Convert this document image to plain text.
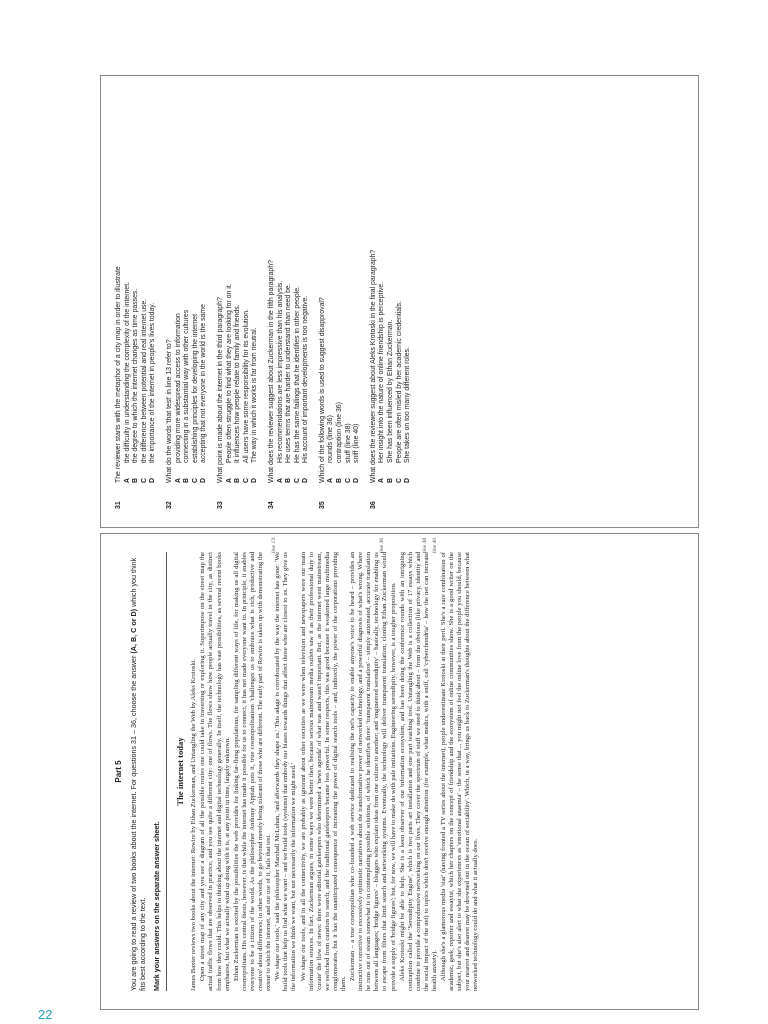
22
Part 5 You are going to read a review of two books about the internet. For questions 31 – 36, choose the answer (A, B, C or D) which you think fits best according to the text. Mark your answers on the separate answer sheet.
The internet today James Baxter reviews two books about the internet: Rewire by Ethan Zuckerman, and Untangling the Web by Aleks Krotoski. Open a street map of any city and you see a diagram of all the possible routes one could take in traversing or exploring it. Superimpose on the street map the actual traffic flows that are observed in practice, and you see quite a different city: one of flows. The flows show how people actually travel in the city, as distinct from how they could. This helps in thinking about the internet and digital technology generally. In itself, the technology has vast possibilities, as several recent books emphasise, but what we actually wind up doing with it is, at any point in time, largely unknown. Ethan Zuckerman is excited by the possibilities the web provides for linking far-flung populations, for sampling different ways of life, for making us all digital cosmopolitans. His central thesis, however, is that while the internet has made it possible for us to connect, it has not made everyone want to. In principle, it enables everyone to be a citizen of the world. As the philosopher Anthony Appiah puts it, true cosmopolitanism 'challenges us to embrace what is rich, productive and creative' about differences; in other words, to go beyond merely being tolerant of those who are different. The early part of Rewire is taken up with demonstrating the extent to which the internet, and our use of it, fails that test.
line 13

'We shape our tools,' said the philosopher Marshall McLuhan, 'and afterwards they shape us.' This adage is corroborated by the way the internet has gone: 'We build tools that help us find what we want – and we build tools (systems) that embody our biases towards things that affect those who are closest to us. They give us the information we think we want, but not necessarily the information we might need.' We shape our tools, and in all the connectivity, we are probably as ignorant about other societies as we were when television and newspapers were our main information sources. In fact, Zuckerman argues, in some ways we were better then, because serious mainstream media outlets saw it as their professional duty to 'curate' the flow of news: there were editorial gatekeepers who determined a 'news agenda' of what was and wasn't important. But, as the internet went mainstream, we switched from curation to search, and the traditional gatekeepers became less powerful. In some respects, this was good because it weakened large multimedia conglomerates, but it has the unanticipated consequence of increasing the power of digital search tools – and, indirectly, the power of the corporations providing them.

Zuckerman – a true cosmopolitan who co-founded a web service dedicated to realising the net's capacity to enable anyone's voice to be heard – provides an instructive corrective to excessively optimistic narratives about the transformative power of networked technology, and a powerful diagnosis of what's wrong. Where he runs out of steam somewhat is in contemplating possible solutions, of which he identifies three: 'transparent translation' – simply automated, accurate translation between all languages; 'bridge figures' – bloggers who explain ideas from one culture to another; and 'engineered serendipity' – basically, technology for enabling us to escape from filters that limit search and networking systems. Eventually, the technology will deliver transparent translation; cloning Ethan Zuckerman would provide a supply of 'bridge figures'; but, for now, we will have to make do with pale imitations. Engineering serendipity, however, is a tougher proposition.
line 36

Aleks Krotoski might be able to help. She is a keen observer of our information ecosystem, and has been doing the conference rounds with an intriguing contraption called the 'Serendipity Engine', which is two parts art installation and one part teaching tool. Untangling the Web is a collection of 17 essays which combine to provide a comprehensive networking on our lives. They cover the spectrum of stuff we need to think about – from the obvious (like privacy, identity and the social impact of the net) to topics which don't receive enough attention (for example, what medics, with a sniff, call 'cyberchondria' – how the net can increase health anxiety).
line 38 line 40

Although she's a glamorous media 'star' (having fronted a TV series about the internet), people underestimate Krotoski at their peril. She's a rare combination of academic, geek, reporter and essayist, which her chapters on the concept of friendship and the ecosystem of online communities show. She is a good writer on the subject, but she's also alert to what she experiences as 'emotional anaemia' – the sense that ... you might not feel the online love from the people you should, because your nearest and dearest may be drowned out in the ocean of sociability'. Which, in a way, brings us back to Zuckerman's thoughts about the difference between what networked technology could do and what it actually does.

31
The reviewer starts with the metaphor of a city map in order to illustrate A
the difficulty in understanding the complexity of the internet.
B
the degree to which the internet changes as time passes.
C
the difference between potential and real internet use.
D
the importance of the internet in people's lives today.
32
What do the words 'that test' in line 13 refer to? A
providing more widespread access to information
B
connecting in a substantial way with other cultures
C
establishing principles for developing the internet
D
accepting that not everyone in the world is the same
33
What point is made about the internet in the third paragraph? A
People often struggle to find what they are looking for on it.
B
It influences how people relate to family and friends.
C
All users have some responsibility for its evolution.
D
The way in which it works is far from neutral.
34
What does the reviewer suggest about Zuckerman in the fifth paragraph? A
His recommendations are less impressive than his analysis.
B
He uses terms that are harder to understand than need be.
C
He has the same failings that he identifies in other people.
D
His account of important developments is too negative.
35
Which of the following words is used to suggest disapproval? A
rounds (line 36)
B
contraption (line 36)
C
stuff (line 38)
D
sniff (line 40)
36
What does the reviewer suggest about Aleks Krotoski in the final paragraph? A
Her insight into the nature of online friendship is perceptive.
B
She has been influenced by Ethan Zuckerman.
C
People are often misled by her academic credentials.
D
She takes on too many different roles.
